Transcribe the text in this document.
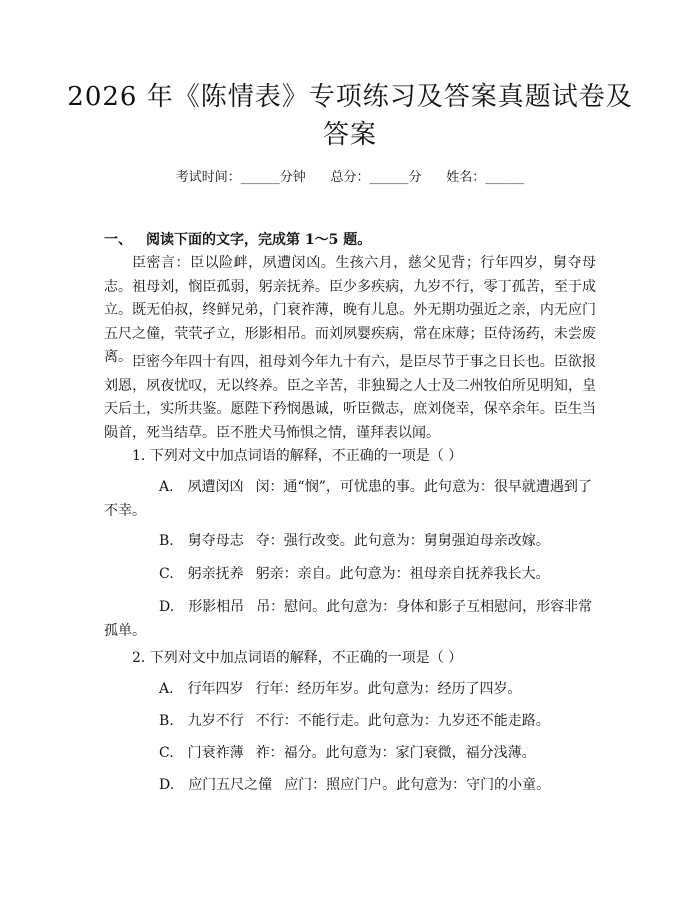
2026 年《陈情表》专项练习及答案真题试卷及答案
考试时间：______分钟      总分：______分      姓名：______
一、 阅读下面的文字，完成第 1～5 题。

臣密言：臣以险衅，夙遭闵凶。生孩六月，慈父见背；行年四岁，舅夺母志。祖母刘，悯臣孤弱，躬亲抚养。臣少多疾病，九岁不行，零丁孤苦，至于成立。既无伯叔，终鲜兄弟，门衰祚薄，晚有儿息。外无期功强近之亲，内无应门五尺之僮，茕茕孑立，形影相吊。而刘夙婴疾病，常在床蓐；臣侍汤药，未尝废离。 臣密今年四十有四，祖母刘今年九十有六，是臣尽节于事之日长也。臣欲报刘恩，夙夜忧叹，无以终养。臣之辛苦，非独蜀之人士及二州牧伯所见明知，皇天后土，实所共鉴。愿陛下矜悯愚诚，听臣微志，庶刘侥幸，保卒余年。臣生当陨首，死当结草。臣不胜犬马怖惧之情，谨拜表以闻。

1. 下列对文中加点词语的解释，不正确的一项是（ ）
A. 夙遭闵凶 闵：通“悯”，可忧患的事。此句意为：很早就遭遇到了不幸。
B. 舅夺母志 夺：强行改变。此句意为：舅舅强迫母亲改嫁。
C. 躬亲抚养 躬亲：亲自。此句意为：祖母亲自抚养我长大。
D. 形影相吊 吊：慰问。此句意为：身体和影子互相慰问，形容非常孤单。
2. 下列对文中加点词语的解释，不正确的一项是（ ）
A. 行年四岁 行年：经历年岁。此句意为：经历了四岁。
B. 九岁不行 不行：不能行走。此句意为：九岁还不能走路。
C. 门衰祚薄 祚：福分。此句意为：家门衰微，福分浅薄。
D. 应门五尺之僮 应门：照应门户。此句意为：守门的小童。
